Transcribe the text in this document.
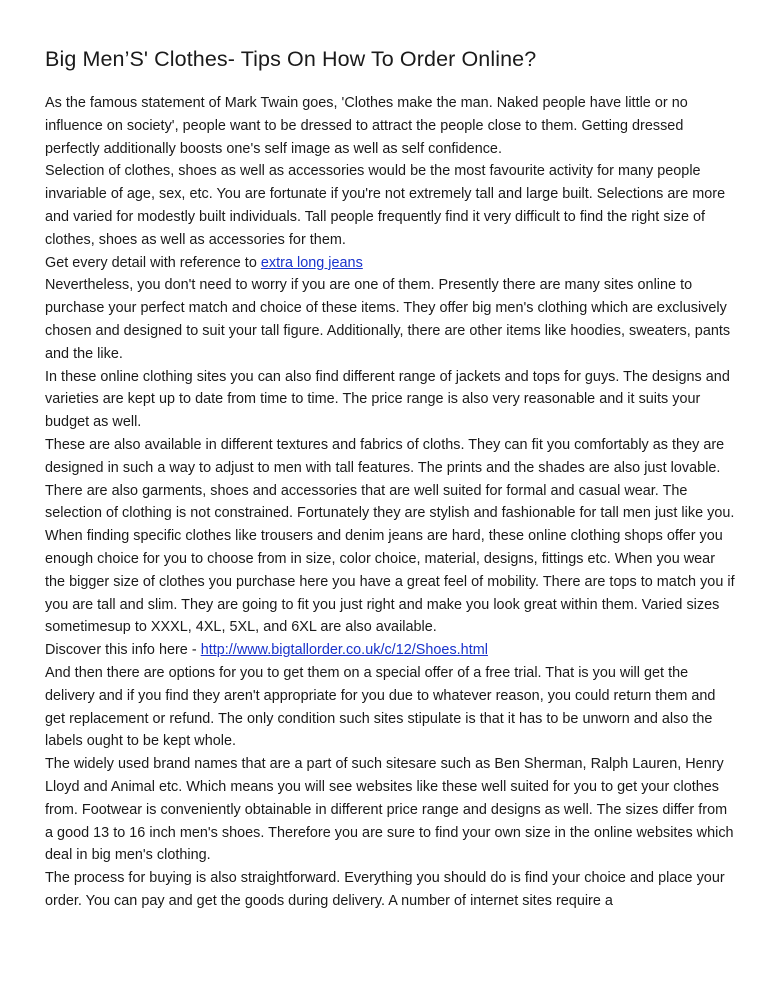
Big Men’S' Clothes- Tips On How To Order Online?

As the famous statement of Mark Twain goes, 'Clothes make the man. Naked people have little or no influence on society', people want to be dressed to attract the people close to them. Getting dressed perfectly additionally boosts one's self image as well as self confidence.

Selection of clothes, shoes as well as accessories would be the most favourite activity for many people invariable of age, sex, etc. You are fortunate if you're not extremely tall and large built. Selections are more and varied for modestly built individuals. Tall people frequently find it very difficult to find the right size of clothes, shoes as well as accessories for them.

Get every detail with reference to extra long jeans

Nevertheless, you don't need to worry if you are one of them. Presently there are many sites online to purchase your perfect match and choice of these items. They offer big men's clothing which are exclusively chosen and designed to suit your tall figure. Additionally, there are other items like hoodies, sweaters, pants and the like.

In these online clothing sites you can also find different range of jackets and tops for guys. The designs and varieties are kept up to date from time to time. The price range is also very reasonable and it suits your budget as well.

These are also available in different textures and fabrics of cloths. They can fit you comfortably as they are designed in such a way to adjust to men with tall features. The prints and the shades are also just lovable. There are also garments, shoes and accessories that are well suited for formal and casual wear. The selection of clothing is not constrained. Fortunately they are stylish and fashionable for tall men just like you. When finding specific clothes like trousers and denim jeans are hard, these online clothing shops offer you enough choice for you to choose from in size, color choice, material, designs, fittings etc. When you wear the bigger size of clothes you purchase here you have a great feel of mobility. There are tops to match you if you are tall and slim. They are going to fit you just right and make you look great within them. Varied sizes sometimesup to XXXL, 4XL, 5XL, and 6XL are also available.

Discover this info here - http://www.bigtallorder.co.uk/c/12/Shoes.html

And then there are options for you to get them on a special offer of a free trial. That is you will get the delivery and if you find they aren't appropriate for you due to whatever reason, you could return them and get replacement or refund. The only condition such sites stipulate is that it has to be unworn and also the labels ought to be kept whole.

The widely used brand names that are a part of such sitesare such as Ben Sherman, Ralph Lauren, Henry Lloyd and Animal etc. Which means you will see websites like these well suited for you to get your clothes from. Footwear is conveniently obtainable in different price range and designs as well. The sizes differ from a good 13 to 16 inch men's shoes. Therefore you are sure to find your own size in the online websites which deal in big men's clothing.

The process for buying is also straightforward. Everything you should do is find your choice and place your order. You can pay and get the goods during delivery. A number of internet sites require a
